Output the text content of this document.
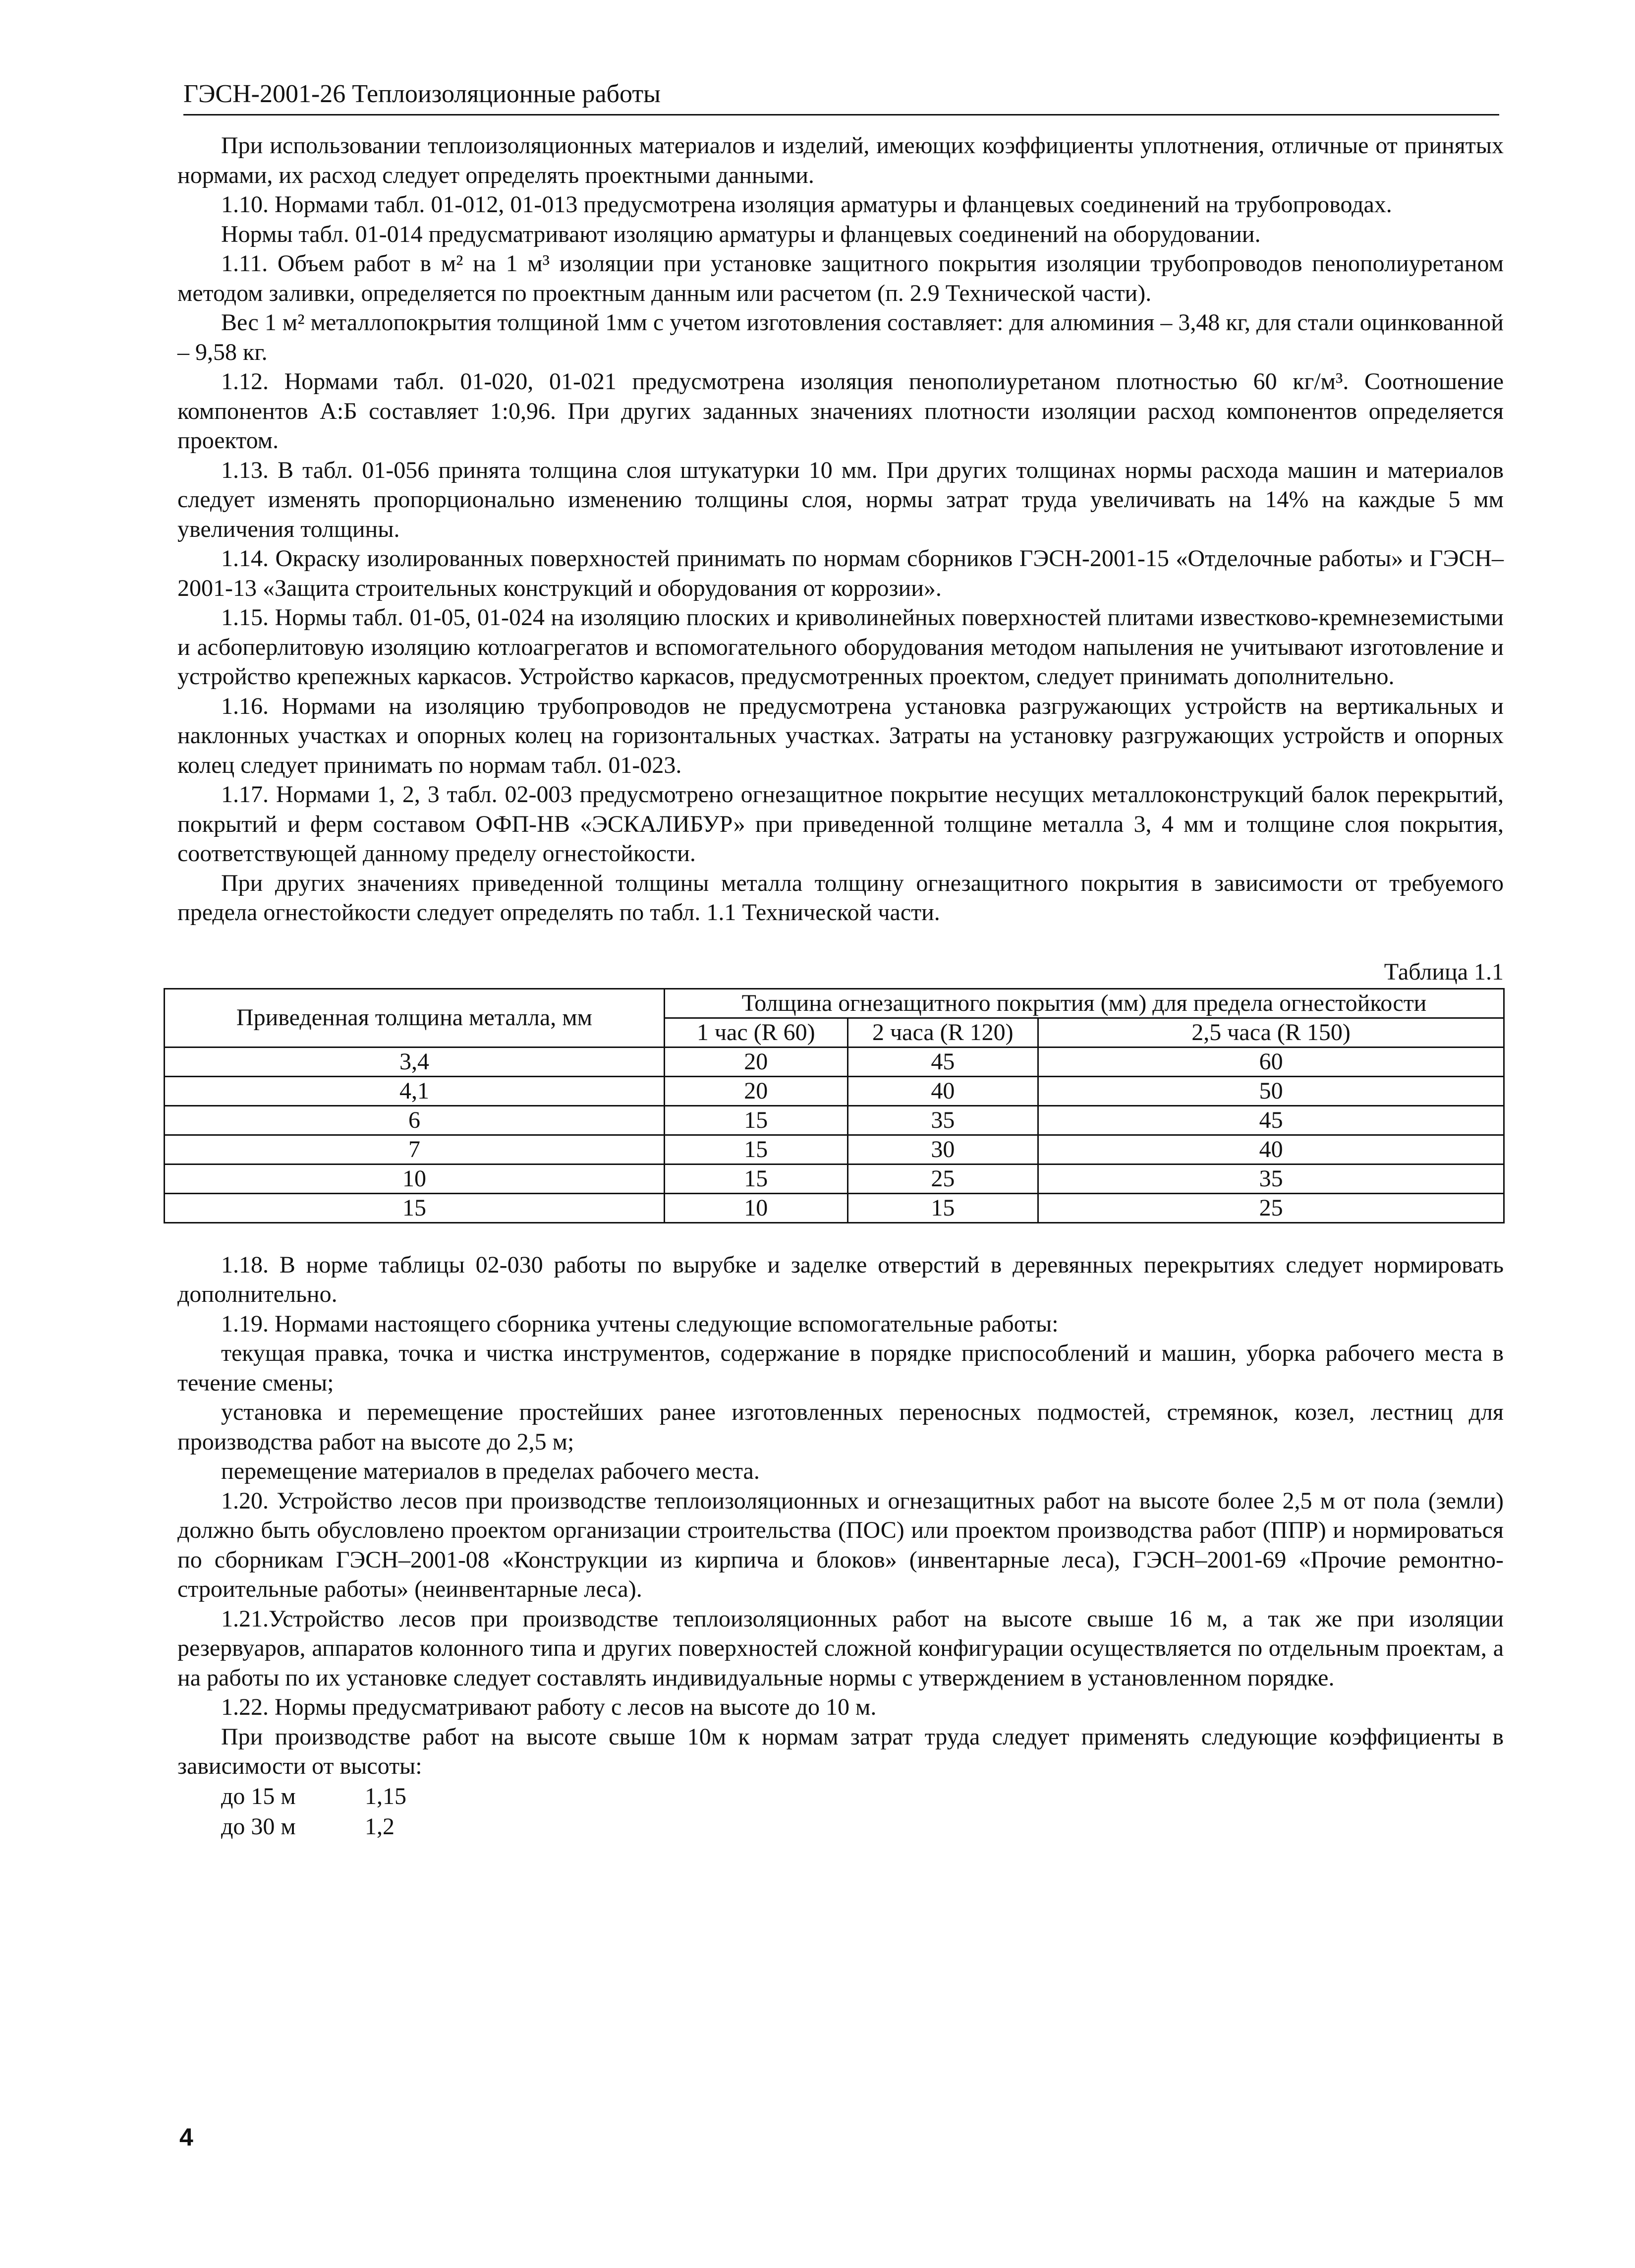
ГЭСН-2001-26 Теплоизоляционные работы

При использовании теплоизоляционных материалов и изделий, имеющих коэффициенты уплотнения, отличные от принятых нормами, их расход следует определять проектными данными.

1.10. Нормами табл. 01-012, 01-013 предусмотрена изоляция арматуры и фланцевых соединений на трубопроводах.

Нормы табл. 01-014 предусматривают изоляцию арматуры и фланцевых соединений на оборудовании.

1.11. Объем работ в м² на 1 м³ изоляции при установке защитного покрытия изоляции трубопроводов пенополиуретаном методом заливки, определяется по проектным данным или расчетом (п. 2.9 Технической части).

Вес 1 м² металлопокрытия толщиной 1мм с учетом изготовления составляет: для алюминия – 3,48 кг, для стали оцинкованной – 9,58 кг.

1.12. Нормами табл. 01-020, 01-021 предусмотрена изоляция пенополиуретаном плотностью 60 кг/м³. Соотношение компонентов А:Б составляет 1:0,96. При других заданных значениях плотности изоляции расход компонентов определяется проектом.

1.13. В табл. 01-056 принята толщина слоя штукатурки 10 мм. При других толщинах нормы расхода машин и материалов следует изменять пропорционально изменению толщины слоя, нормы затрат труда увеличивать на 14% на каждые 5 мм увеличения толщины.

1.14. Окраску изолированных поверхностей принимать по нормам сборников ГЭСН-2001-15 «Отделочные работы» и ГЭСН–2001-13 «Защита строительных конструкций и оборудования от коррозии».

1.15. Нормы табл. 01-05, 01-024 на изоляцию плоских и криволинейных поверхностей плитами известково-кремнеземистыми и асбоперлитовую изоляцию котлоагрегатов и вспомогательного оборудования методом напыления не учитывают изготовление и устройство крепежных каркасов. Устройство каркасов, предусмотренных проектом, следует принимать дополнительно.

1.16. Нормами на изоляцию трубопроводов не предусмотрена установка разгружающих устройств на вертикальных и наклонных участках и опорных колец на горизонтальных участках. Затраты на установку разгружающих устройств и опорных колец следует принимать по нормам табл. 01-023.

1.17. Нормами 1, 2, 3 табл. 02-003 предусмотрено огнезащитное покрытие несущих металлоконструкций балок перекрытий, покрытий и ферм составом ОФП-НВ «ЭСКАЛИБУР» при приведенной толщине металла 3, 4 мм и толщине слоя покрытия, соответствующей данному пределу огнестойкости.

При других значениях приведенной толщины металла толщину огнезащитного покрытия в зависимости от требуемого предела огнестойкости следует определять по табл. 1.1 Технической части.

Таблица 1.1
Приведенная толщина металла, мм	Толщина огнезащитного покрытия (мм) для предела огнестойкости		
	1 час (R 60)	2 часа (R 120)	2,5 часа (R 150)
3,4	20	45	60
4,1	20	40	50
6	15	35	45
7	15	30	40
10	15	25	35
15	10	15	25

1.18. В норме таблицы 02-030 работы по вырубке и заделке отверстий в деревянных перекрытиях следует нормировать дополнительно.

1.19. Нормами настоящего сборника учтены следующие вспомогательные работы:

текущая правка, точка и чистка инструментов, содержание в порядке приспособлений и машин, уборка рабочего места в течение смены;

установка и перемещение простейших ранее изготовленных переносных подмостей, стремянок, козел, лестниц для производства работ на высоте до 2,5 м;

перемещение материалов в пределах рабочего места.

1.20. Устройство лесов при производстве теплоизоляционных и огнезащитных работ на высоте более 2,5 м от пола (земли) должно быть обусловлено проектом организации строительства (ПОС) или проектом производства работ (ППР) и нормироваться по сборникам ГЭСН–2001-08 «Конструкции из кирпича и блоков» (инвентарные леса), ГЭСН–2001-69 «Прочие ремонтно-строительные работы» (неинвентарные леса).

1.21.Устройство лесов при производстве теплоизоляционных работ на высоте свыше 16 м, а так же при изоляции резервуаров, аппаратов колонного типа и других поверхностей сложной конфигурации осуществляется по отдельным проектам, а на работы по их установке следует составлять индивидуальные нормы с утверждением в установленном порядке.

1.22. Нормы предусматривают работу с лесов на высоте до 10 м.

При производстве работ на высоте свыше 10м к нормам затрат труда следует применять следующие коэффициенты в зависимости от высоты:

до 15 м	1,15
до 30 м	1,2
4
